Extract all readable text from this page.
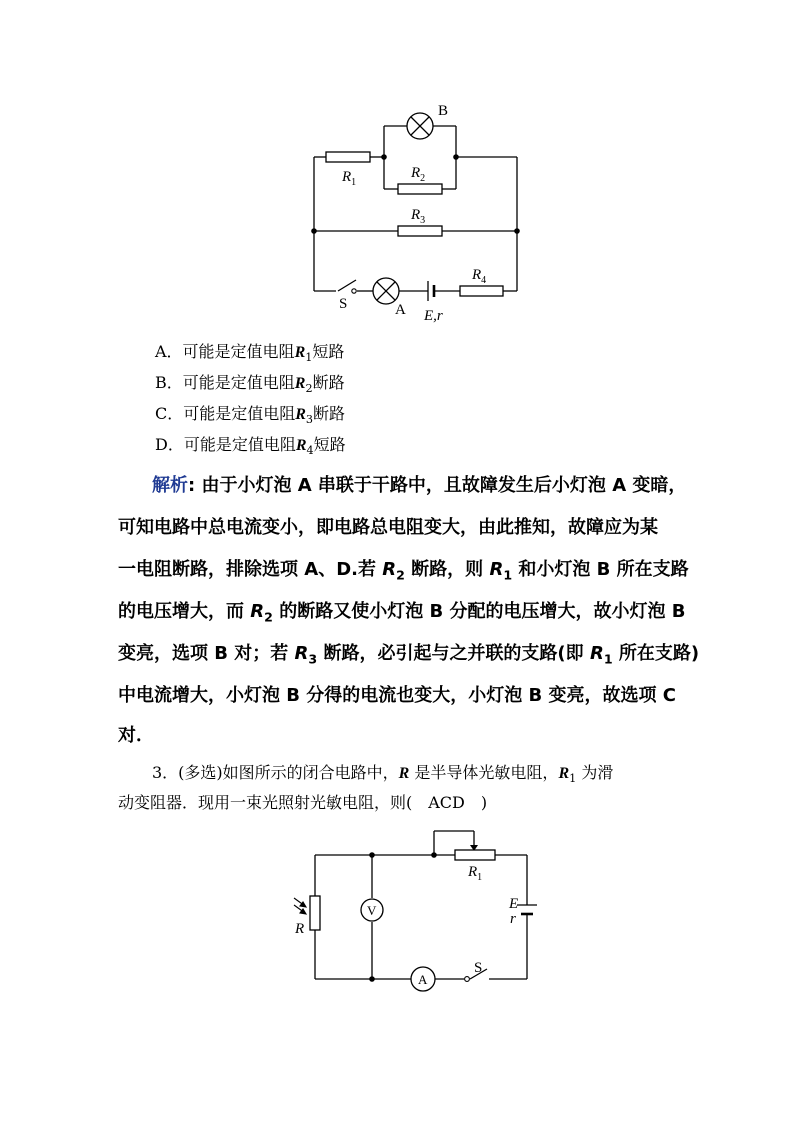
B
$R_1$
$R_2$
$R_3$
$R_4$
S	A E,r
A．可能是定值电阻$R_1$短路
B．可能是定值电阻$R_2$断路
C．可能是定值电阻$R_3$断路
D．可能是定值电阻$R_4$短路
解析: 由于小灯泡 A 串联于干路中，且故障发生后小灯泡 A 变暗，
可知电路中总电流变小，即电路总电阻变大，由此推知，故障应为某
一电阻断路，排除选项 A、D.若 $R_2$ 断路，则 $R_1$ 和小灯泡 B 所在支路
的电压增大，而 $R_2$ 的断路又使小灯泡 B 分配的电压增大，故小灯泡 B
变亮，选项 B 对；若 $R_3$ 断路，必引起与之并联的支路(即 $R_1$ 所在支路)
中电流增大，小灯泡 B 分得的电流也变大，小灯泡 B 变亮，故选项 C
对．
3．(多选)如图所示的闭合电路中，R 是半导体光敏电阻，$R_1$ 为滑
动变阻器．现用一束光照射光敏电阻，则(　ACD　)
V
A
$R_1$
E
r
R
S
